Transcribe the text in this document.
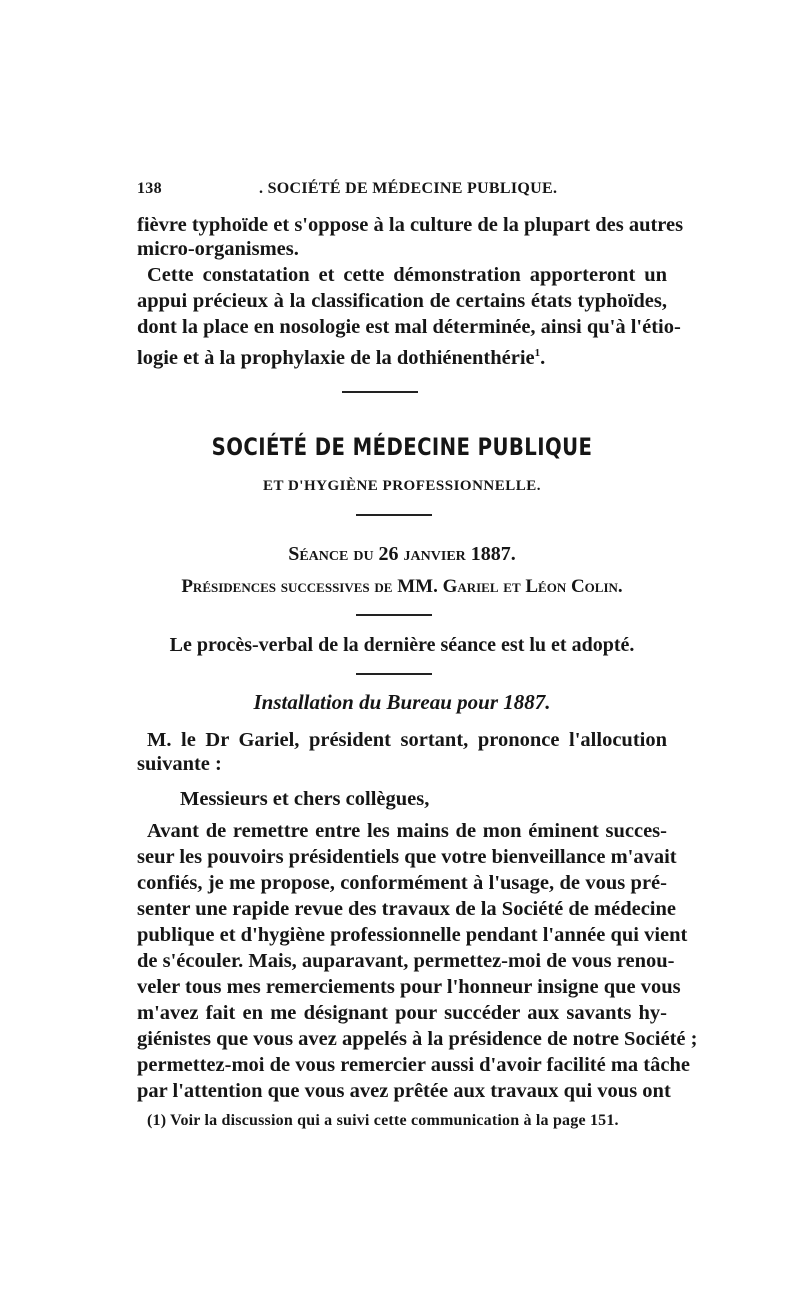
138	. SOCIÉTÉ DE MÉDECINE PUBLIQUE.
fièvre typhoïde et s'oppose à la culture de la plupart des autres
micro-organismes.
Cette constatation et cette démonstration apporteront un
appui précieux à la classification de certains états typhoïdes,
dont la place en nosologie est mal déterminée, ainsi qu'à l'étio-
logie et à la prophylaxie de la dothiénenthérie$^1$.
SOCIÉTÉ DE MÉDECINE PUBLIQUE
ET D'HYGIÈNE PROFESSIONNELLE.
Séance du 26 janvier 1887.
Présidences successives de MM. Gariel et Léon Colin.
Le procès-verbal de la dernière séance est lu et adopté.
Installation du Bureau pour 1887.
M. le Dr Gariel, président sortant, prononce l'allocution
suivante :
Messieurs et chers collègues,
Avant de remettre entre les mains de mon éminent succes-
seur les pouvoirs présidentiels que votre bienveillance m'avait
confiés, je me propose, conformément à l'usage, de vous pré-
senter une rapide revue des travaux de la Société de médecine
publique et d'hygiène professionnelle pendant l'année qui vient
de s'écouler. Mais, auparavant, permettez-moi de vous renou-
veler tous mes remerciements pour l'honneur insigne que vous
m'avez fait en me désignant pour succéder aux savants hy-
giénistes que vous avez appelés à la présidence de notre Société ;
permettez-moi de vous remercier aussi d'avoir facilité ma tâche
par l'attention que vous avez prêtée aux travaux qui vous ont
(1) Voir la discussion qui a suivi cette communication à la page 151.
